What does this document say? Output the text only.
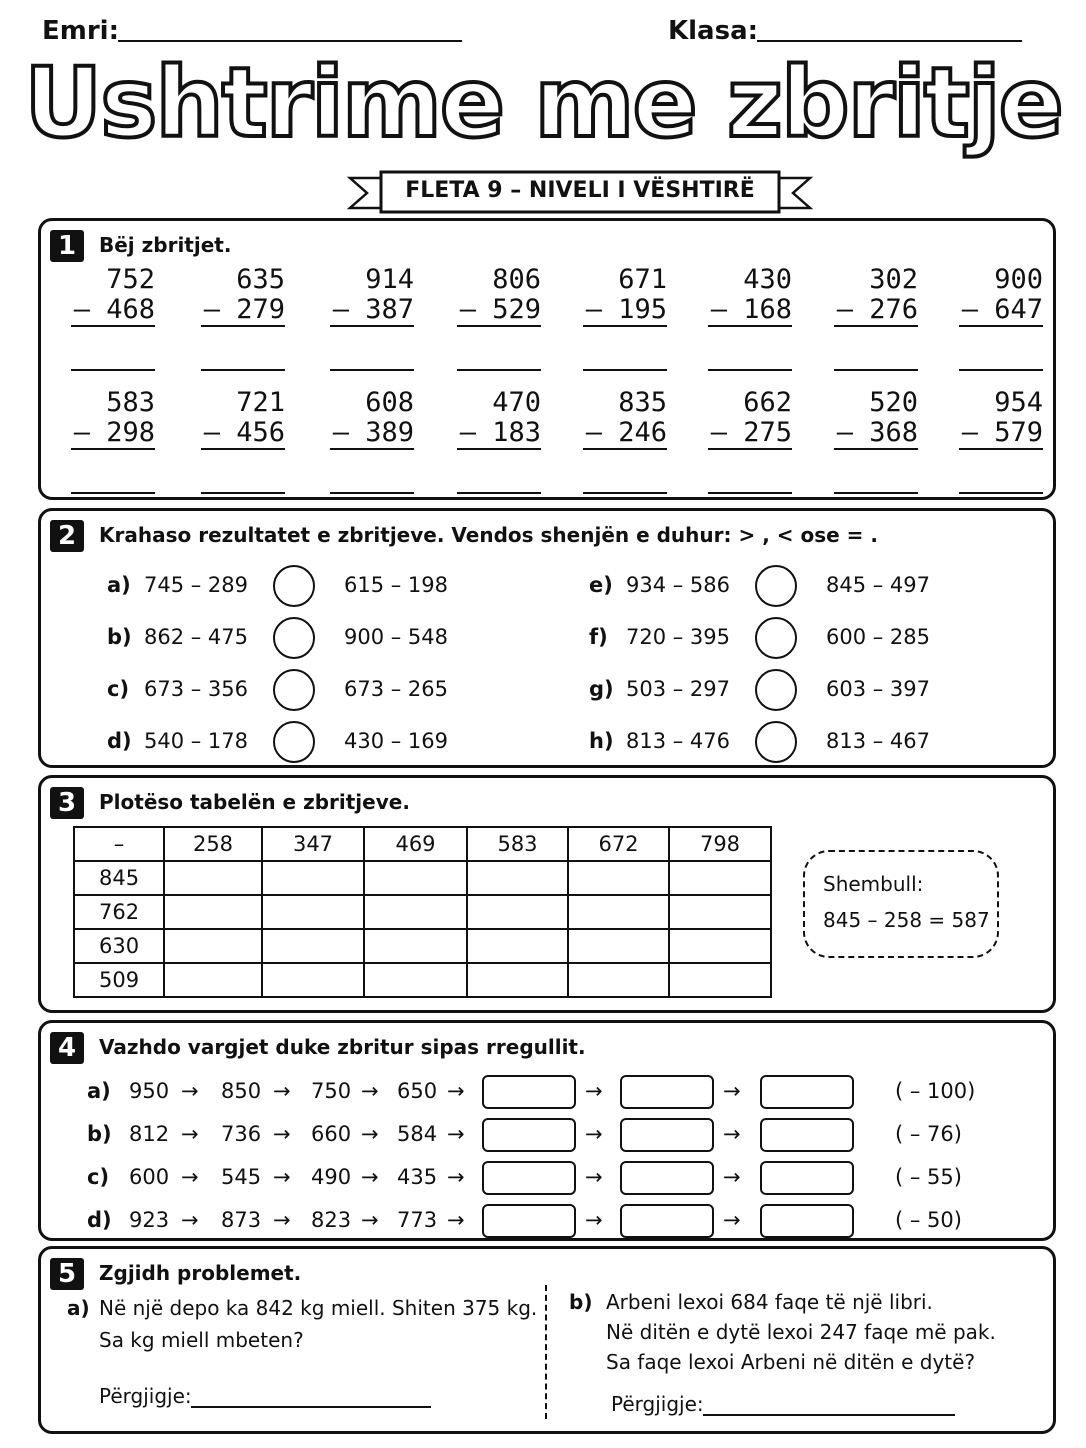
Emri:	Klasa:
Ushtrime me zbritje
FLETA 9 – NIVELI I VËSHTIRË
1	Bëj zbritjet.
752
– 468
635
– 279
914
– 387
806
– 529
671
– 195
430
– 168
302
– 276
900
– 647
583
– 298
721
– 456
608
– 389
470
– 183
835
– 246
662
– 275
520
– 368
954
– 579
2	Krahaso rezultatet e zbritjeve. Vendos shenjën e duhur: > , < ose = .
a) 745 – 289	615 – 198
b) 862 – 475	900 – 548
c) 673 – 356	673 – 265
d) 540 – 178	430 – 169
e) 934 – 586	845 – 497
f) 720 – 395	600 – 285
g) 503 – 297	603 – 397
h) 813 – 476	813 – 467
3	Plotëso tabelën e zbritjeve.
–	258	347	469	583	672	798
845						
762						
630						
509						
Shembull:
845 – 258 = 587
4	Vazhdo vargjet duke zbritur sipas rregullit.
a) 950 → 850 → 750 → 650 →	→	→	( – 100)
b) 812 → 736 → 660 → 584 →	→	→	( – 76)
c) 600 → 545 → 490 → 435 →	→	→	( – 55)
d) 923 → 873 → 823 → 773 →	→	→	( – 50)
5	Zgjidh problemet.
a) Në një depo ka 842 kg miell. Shiten 375 kg.
Sa kg miell mbeten?
Përgjigje:
b) Arbeni lexoi 684 faqe të një libri.
Në ditën e dytë lexoi 247 faqe më pak.
Sa faqe lexoi Arbeni në ditën e dytë?
Përgjigje:
